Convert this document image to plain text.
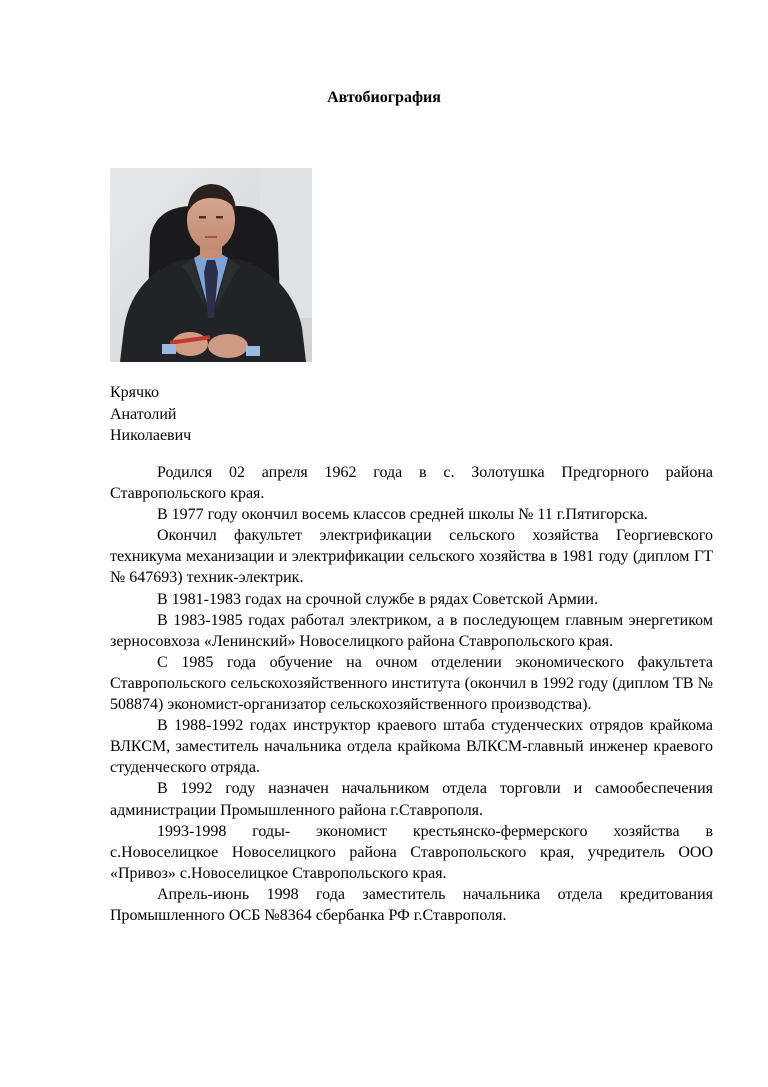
Автобиография
Крячко
Анатолий
Николаевич

Родился 02 апреля 1962 года в с. Золотушка Предгорного района Ставропольского края.

В 1977 году окончил восемь классов средней школы № 11 г.Пятигорска.

Окончил факультет электрификации сельского хозяйства Георгиевского техникума механизации и электрификации сельского хозяйства в 1981 году (диплом ГТ № 647693) техник-электрик.

В 1981-1983 годах на срочной службе в рядах Советской Армии.

В 1983-1985 годах работал электриком, а в последующем главным энергетиком зерносовхоза «Ленинский» Новоселицкого района Ставропольского края.

С 1985 года обучение на очном отделении экономического факультета Ставропольского сельскохозяйственного института (окончил в 1992 году (диплом ТВ № 508874) экономист-организатор сельскохозяйственного производства).

В 1988-1992 годах инструктор краевого штаба студенческих отрядов крайкома ВЛКСМ, заместитель начальника отдела крайкома ВЛКСМ-главный инженер краевого студенческого отряда.

В 1992 году назначен начальником отдела торговли и самообеспечения администрации Промышленного района г.Ставрополя.

1993-1998 годы- экономист крестьянско-фермерского хозяйства в с.Новоселицкое Новоселицкого района Ставропольского края, учредитель ООО «Привоз» с.Новоселицкое Ставропольского края.

Апрель-июнь 1998 года заместитель начальника отдела кредитования Промышленного ОСБ №8364 сбербанка РФ г.Ставрополя.
